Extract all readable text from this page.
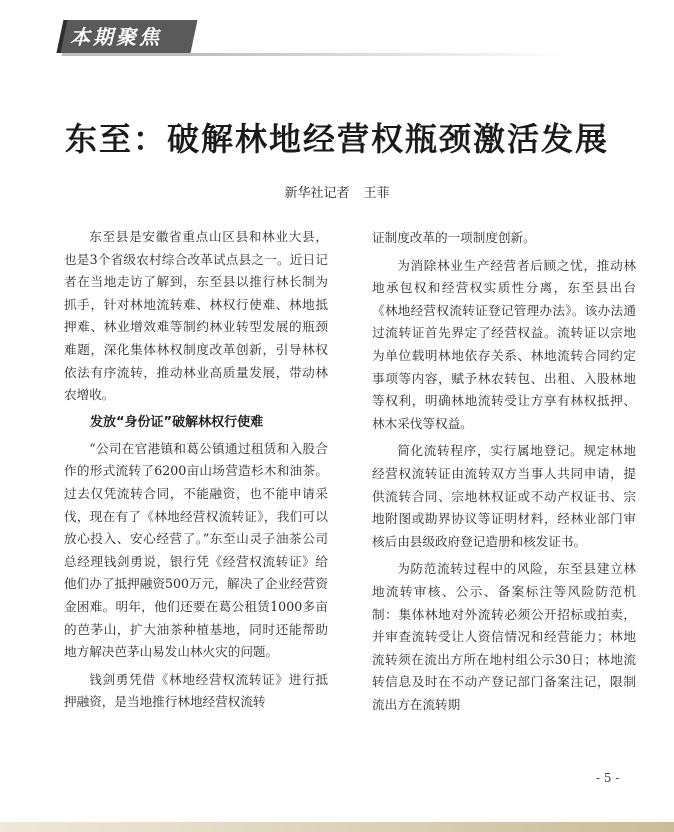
本期聚焦
东至：破解林地经营权瓶颈激活发展
新华社记者 王菲

东至县是安徽省重点山区县和林业大县，也是3个省级农村综合改革试点县之一。近日记者在当地走访了解到，东至县以推行林长制为抓手，针对林地流转难、林权行使难、林地抵押难、林业增效难等制约林业转型发展的瓶颈难题，深化集体林权制度改革创新，引导林权依法有序流转，推动林业高质量发展，带动林农增收。

发放“身份证”破解林权行使难

“公司在官港镇和葛公镇通过租赁和入股合作的形式流转了6200亩山场营造杉木和油茶。过去仅凭流转合同，不能融资，也不能申请采伐，现在有了《林地经营权流转证》，我们可以放心投入、安心经营了。”东至山灵子油茶公司总经理钱剑勇说，银行凭《经营权流转证》给他们办了抵押融资500万元，解决了企业经营资金困难。明年，他们还要在葛公租赁1000多亩的芭茅山，扩大油茶种植基地，同时还能帮助地方解决芭茅山易发山林火灾的问题。

钱剑勇凭借《林地经营权流转证》进行抵押融资，是当地推行林地经营权流转

证制度改革的一项制度创新。

为消除林业生产经营者后顾之忧，推动林地承包权和经营权实质性分离，东至县出台《林地经营权流转证登记管理办法》。该办法通过流转证首先界定了经营权益。流转证以宗地为单位载明林地依存关系、林地流转合同约定事项等内容，赋予林农转包、出租、入股林地等权利，明确林地流转受让方享有林权抵押、林木采伐等权益。

简化流转程序，实行属地登记。规定林地经营权流转证由流转双方当事人共同申请，提供流转合同、宗地林权证或不动产权证书、宗地附图或勘界协议等证明材料，经林业部门审核后由县级政府登记造册和核发证书。

为防范流转过程中的风险，东至县建立林地流转审核、公示、备案标注等风险防范机制：集体林地对外流转必须公开招标或拍卖，并审查流转受让人资信情况和经营能力；林地流转须在流出方所在地村组公示30日；林地流转信息及时在不动产登记部门备案注记，限制流出方在流转期

- 5 -
